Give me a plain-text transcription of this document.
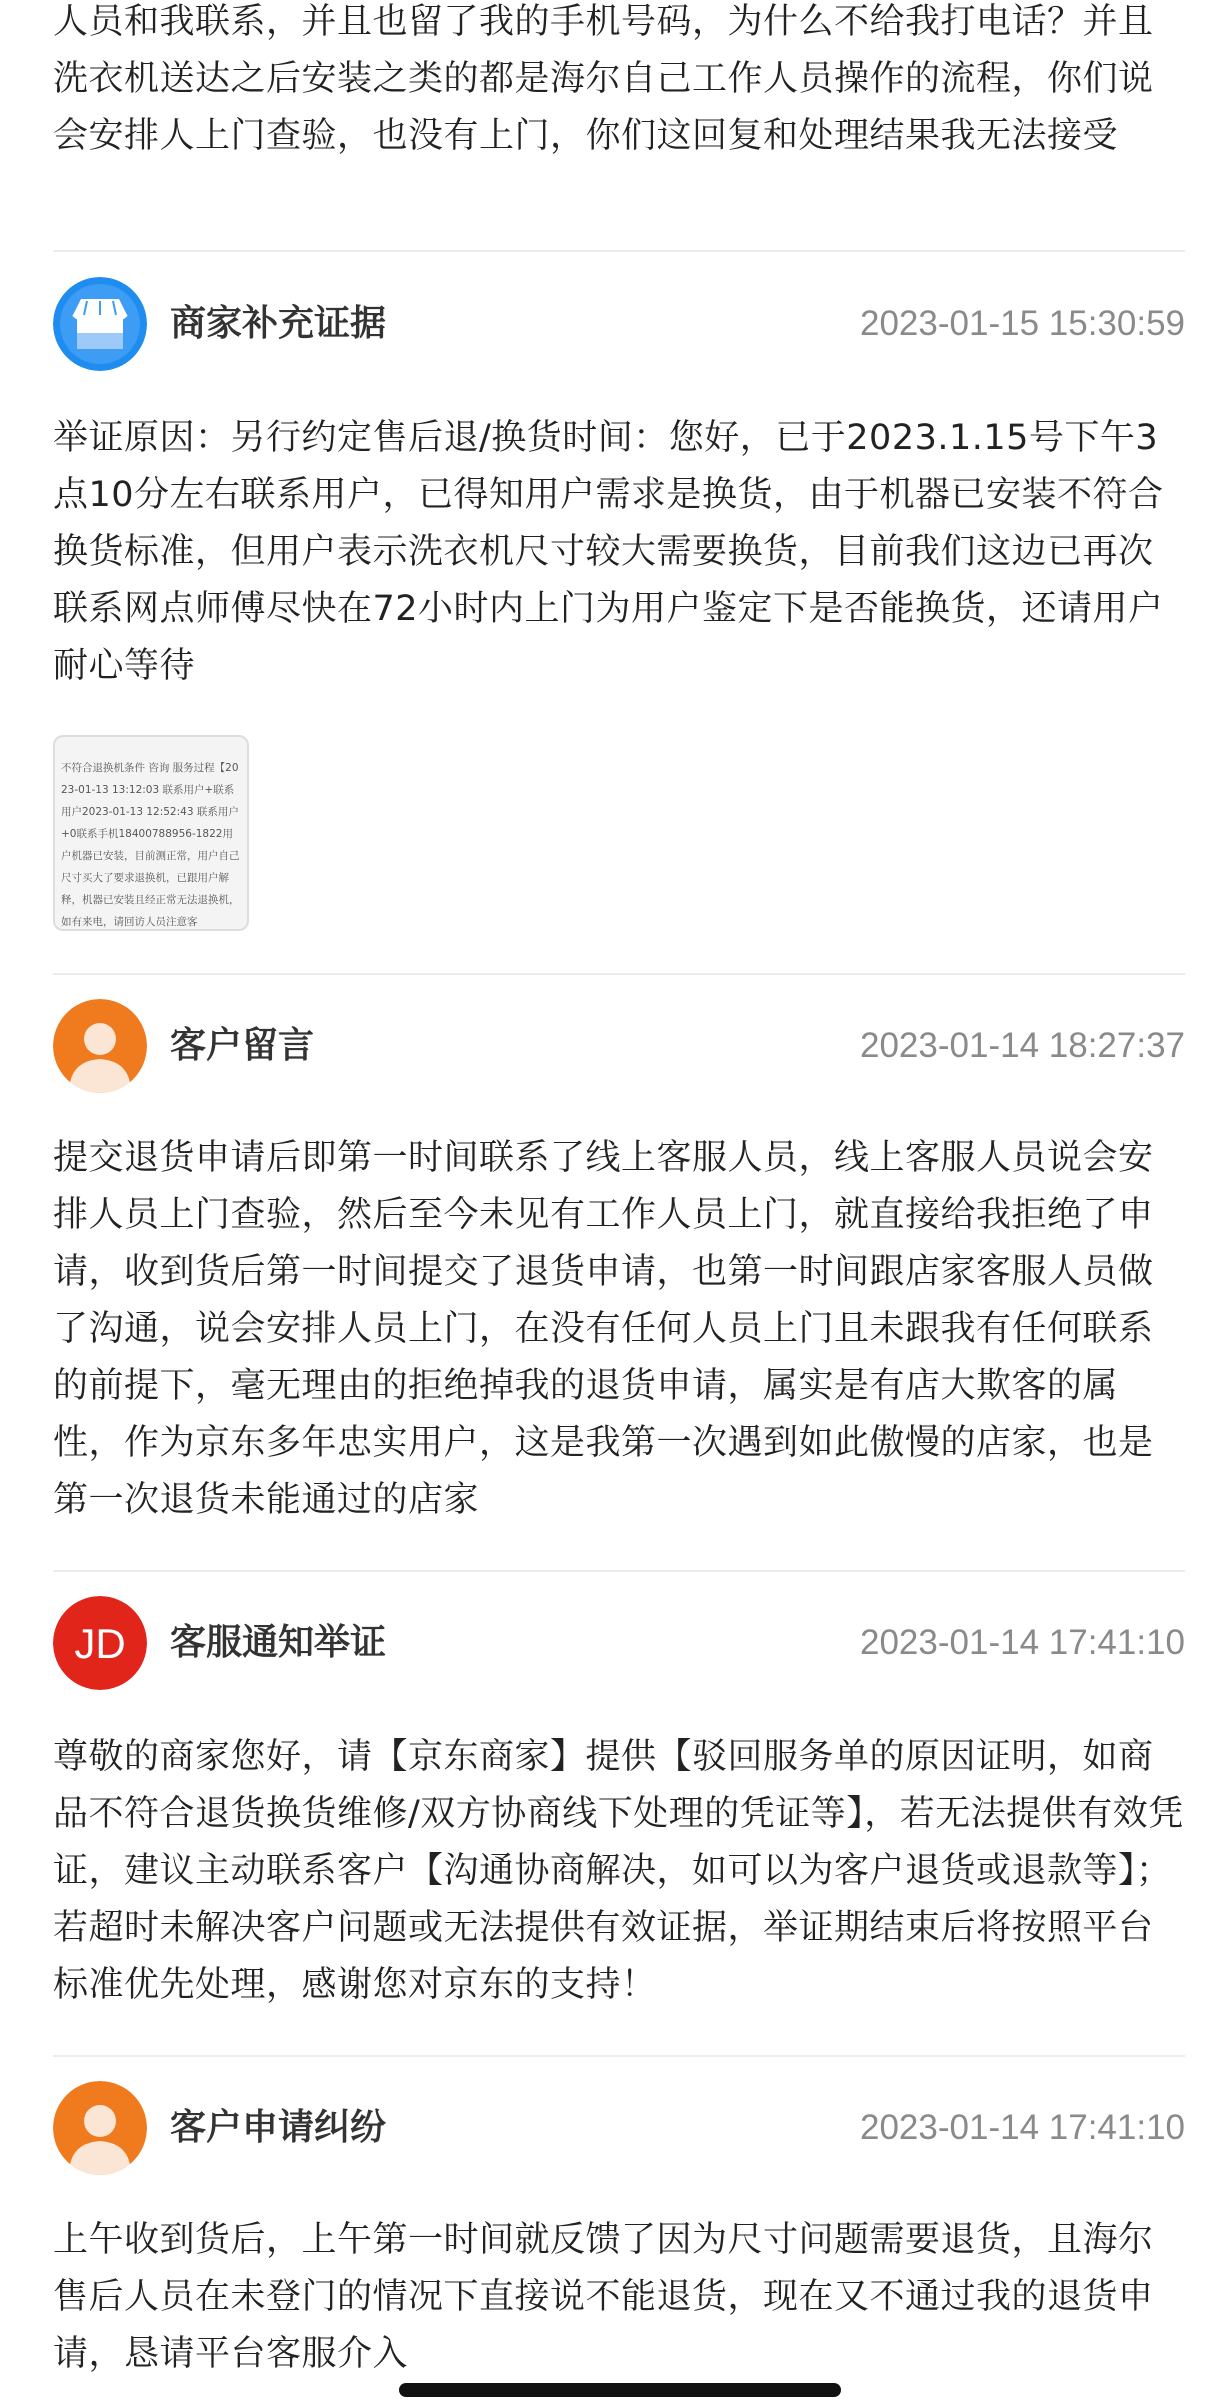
人员和我联系，并且也留了我的手机号码，为什么不给我打电话？并且洗衣机送达之后安装之类的都是海尔自己工作人员操作的流程，你们说会安排人上门查验，也没有上门，你们这回复和处理结果我无法接受
商家补充证据	2023-01-15 15:30:59
举证原因：另行约定售后退/换货时间：您好，已于2023.1.15号下午3点10分左右联系用户，已得知用户需求是换货，由于机器已安装不符合换货标准，但用户表示洗衣机尺寸较大需要换货，目前我们这边已再次联系网点师傅尽快在72小时内上门为用户鉴定下是否能换货，还请用户耐心等待
不符合退换机条件 咨询 服务过程【2023-01-13 13:12:03 联系用户+联系用户2023-01-13 12:52:43 联系用户+0联系手机18400788956-1822用户机器已安装，目前测正常，用户自己尺寸买大了要求退换机，已跟用户解释，机器已安装且经正常无法退换机，如有来电，请回访人员注意客
客户留言	2023-01-14 18:27:37
提交退货申请后即第一时间联系了线上客服人员，线上客服人员说会安排人员上门查验，然后至今未见有工作人员上门，就直接给我拒绝了申请，收到货后第一时间提交了退货申请，也第一时间跟店家客服人员做了沟通，说会安排人员上门，在没有任何人员上门且未跟我有任何联系的前提下，毫无理由的拒绝掉我的退货申请，属实是有店大欺客的属性，作为京东多年忠实用户，这是我第一次遇到如此傲慢的店家，也是第一次退货未能通过的店家
JD 客服通知举证	2023-01-14 17:41:10
尊敬的商家您好，请【京东商家】提供【驳回服务单的原因证明，如商品不符合退货换货维修/双方协商线下处理的凭证等】，若无法提供有效凭证，建议主动联系客户【沟通协商解决，如可以为客户退货或退款等】；若超时未解决客户问题或无法提供有效证据，举证期结束后将按照平台标准优先处理，感谢您对京东的支持！
客户申请纠纷	2023-01-14 17:41:10
上午收到货后，上午第一时间就反馈了因为尺寸问题需要退货，且海尔售后人员在未登门的情况下直接说不能退货，现在又不通过我的退货申请，恳请平台客服介入
